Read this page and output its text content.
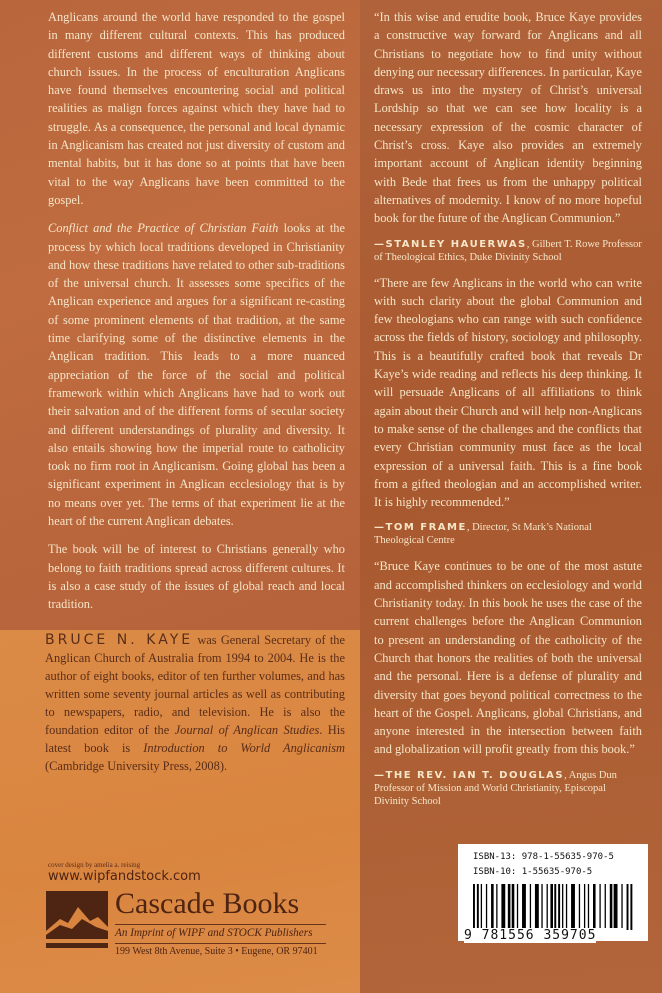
Anglicans around the world have responded to the gospel in many different cultural contexts. This has produced different customs and different ways of thinking about church issues. In the process of enculturation Anglicans have found themselves encountering social and political realities as malign forces against which they have had to struggle. As a consequence, the personal and local dynamic in Anglicanism has created not just diversity of custom and mental habits, but it has done so at points that have been vital to the way Anglicans have been committed to the gospel.

Conflict and the Practice of Christian Faith looks at the process by which local traditions developed in Christianity and how these traditions have related to other sub-traditions of the universal church. It assesses some specifics of the Anglican experience and argues for a significant re-casting of some prominent elements of that tradition, at the same time clarifying some of the distinctive elements in the Anglican tradition. This leads to a more nuanced appreciation of the force of the social and political framework within which Anglicans have had to work out their salvation and of the different forms of secular society and different understandings of plurality and diversity. It also entails showing how the imperial route to catholicity took no firm root in Anglicanism. Going global has been a significant experiment in Anglican ecclesiology that is by no means over yet. The terms of that experiment lie at the heart of the current Anglican debates.

The book will be of interest to Christians generally who belong to faith traditions spread across different cultures. It is also a case study of the issues of global reach and local tradition.

BRUCE N. KAYE was General Secretary of the Anglican Church of Australia from 1994 to 2004. He is the author of eight books, editor of ten further volumes, and has written some seventy journal articles as well as contributing to newspapers, radio, and television. He is also the foundation editor of the Journal of Anglican Studies. His latest book is Introduction to World Anglicanism (Cambridge University Press, 2008).

“In this wise and erudite book, Bruce Kaye provides a constructive way forward for Anglicans and all Christians to negotiate how to find unity without denying our necessary differences. In particular, Kaye draws us into the mystery of Christ’s universal Lordship so that we can see how locality is a necessary expression of the cosmic character of Christ’s cross. Kaye also provides an extremely important account of Anglican identity beginning with Bede that frees us from the unhappy political alternatives of modernity. I know of no more hopeful book for the future of the Anglican Communion.”

—STANLEY HAUERWAS, Gilbert T. Rowe Professor of Theological Ethics, Duke Divinity School

“There are few Anglicans in the world who can write with such clarity about the global Communion and few theologians who can range with such confidence across the fields of history, sociology and philosophy. This is a beautifully crafted book that reveals Dr Kaye’s wide reading and reflects his deep thinking. It will persuade Anglicans of all affiliations to think again about their Church and will help non-Anglicans to make sense of the challenges and the conflicts that every Christian community must face as the local expression of a universal faith. This is a fine book from a gifted theologian and an accomplished writer. It is highly recommended.”

—TOM FRAME, Director, St Mark’s National Theological Centre

“Bruce Kaye continues to be one of the most astute and accomplished thinkers on ecclesiology and world Christianity today. In this book he uses the case of the current challenges before the Anglican Communion to present an understanding of the catholicity of the Church that honors the realities of both the universal and the personal. Here is a defense of plurality and diversity that goes beyond political correctness to the heart of the Gospel. Anglicans, global Christians, and anyone interested in the intersection between faith and globalization will profit greatly from this book.”

—THE REV. IAN T. DOUGLAS, Angus Dun Professor of Mission and World Christianity, Episcopal Divinity School

cover design by amelia a. reising
www.wipfandstock.com
Cascade Books
An Imprint of WIPF and STOCK Publishers
199 West 8th Avenue, Suite 3 • Eugene, OR 97401
ISBN-13: 978-1-55635-970-5
ISBN-10: 1-55635-970-5
9 781556 359705
